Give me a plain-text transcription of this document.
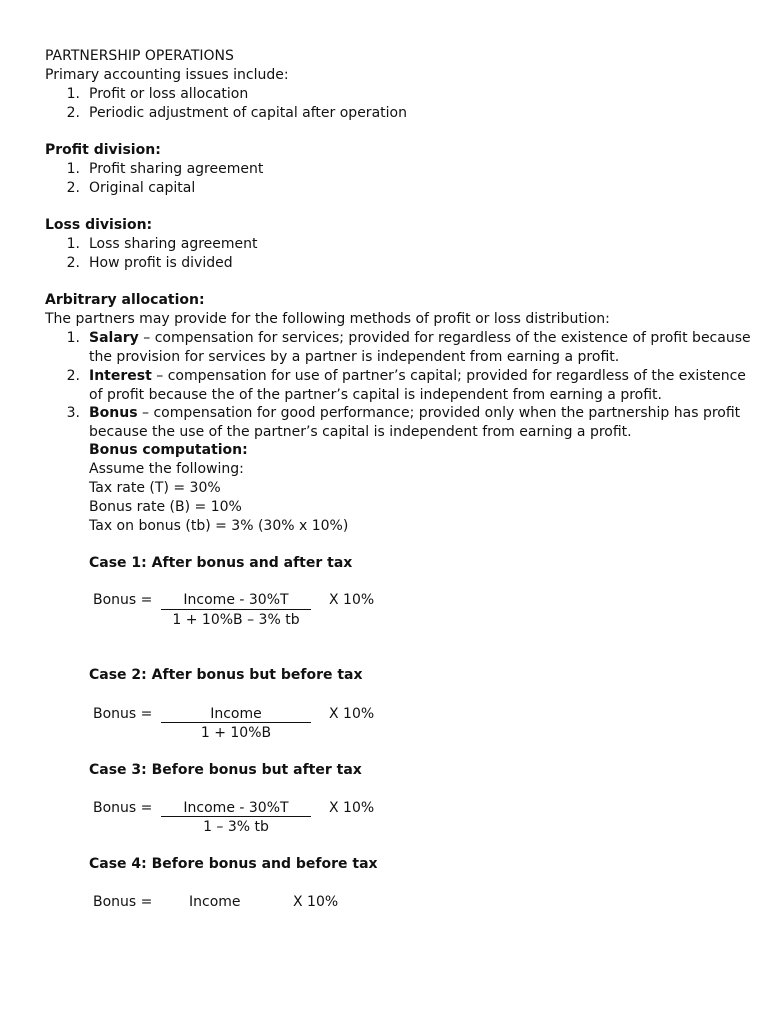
PARTNERSHIP OPERATIONS
Primary accounting issues include:
1. Profit or loss allocation
2. Periodic adjustment of capital after operation
Profit division:
1. Profit sharing agreement
2. Original capital
Loss division:
1. Loss sharing agreement
2. How profit is divided
Arbitrary allocation:
The partners may provide for the following methods of profit or loss distribution:
1. Salary – compensation for services; provided for regardless of the existence of profit because
the provision for services by a partner is independent from earning a profit.
2. Interest – compensation for use of partner’s capital; provided for regardless of the existence
of profit because the of the partner’s capital is independent from earning a profit.
3. Bonus – compensation for good performance; provided only when the partnership has profit
because the use of the partner’s capital is independent from earning a profit.
Bonus computation:
Assume the following:
Tax rate (T) = 30%
Bonus rate (B) = 10%
Tax on bonus (tb) = 3% (30% x 10%)
Case 1: After bonus and after tax
Bonus =	Income - 30%T
1 + 10%B – 3% tb
X 10%
Case 2: After bonus but before tax
Bonus =	Income
1 + 10%B
X 10%
Case 3: Before bonus but after tax
Bonus =	Income - 30%T
1 – 3% tb
X 10%
Case 4: Before bonus and before tax
Bonus =	Income	X 10%
